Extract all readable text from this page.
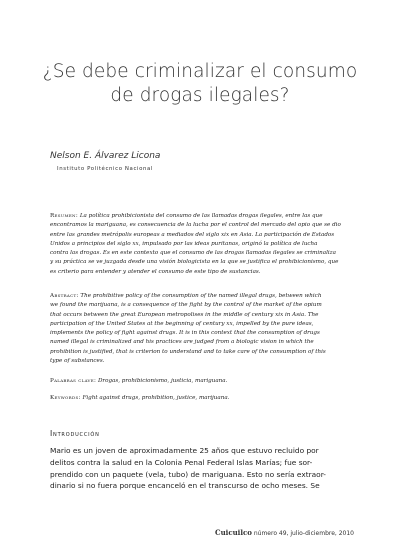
¿Se debe criminalizar el consumo
de drogas ilegales?
Nelson E. Álvarez Licona
Instituto Politécnico Nacional
Resumen: La política prohibicionista del consumo de las llamadas drogas ilegales, entre las que
encontramos la mariguana, es consecuencia de la lucha por el control del mercado del opio que se dio
entre las grandes metrópolis europeas a mediados del siglo xix en Asia. La participación de Estados
Unidos a principios del siglo xx, impulsado por las ideas puritanas, originó la política de lucha
contra las drogas. Es en este contexto que el consumo de las drogas llamadas ilegales se criminaliza
y su práctica se ve juzgada desde una visión biologicista en la que se justifica el prohibicionismo, que
es criterio para entender y atender el consumo de este tipo de sustancias.
Abstract: The prohibitive policy of the consumption of the named illegal drugs, between which
we found the marijuana, is a consequence of the fight by the control of the market of the opium
that occurs between the great European metropolises in the middle of century xix in Asia. The
participation of the United States at the beginning of century xx, impelled by the pure ideas,
implements the policy of fight against drugs. It is in this context that the consumption of drugs
named illegal is criminalized and his practices are judged from a biologic vision in which the
prohibition is justified, that is criterion to understand and to take care of the consumption of this
type of substances.
Palabras clave: Drogas, prohibicionismo, justicia, mariguana.
Keywords: Fight against drugs, prohibition, justice, marijuana.
Introducción
Mario es un joven de aproximadamente 25 años que estuvo recluido por
delitos contra la salud en la Colonia Penal Federal Islas Marías; fue sor-
prendido con un paquete (vela, tubo) de mariguana. Esto no sería extraor-
dinario si no fuera porque encanceló en el transcurso de ocho meses. Se
Cuicuilco número 49, julio-diciembre, 2010
